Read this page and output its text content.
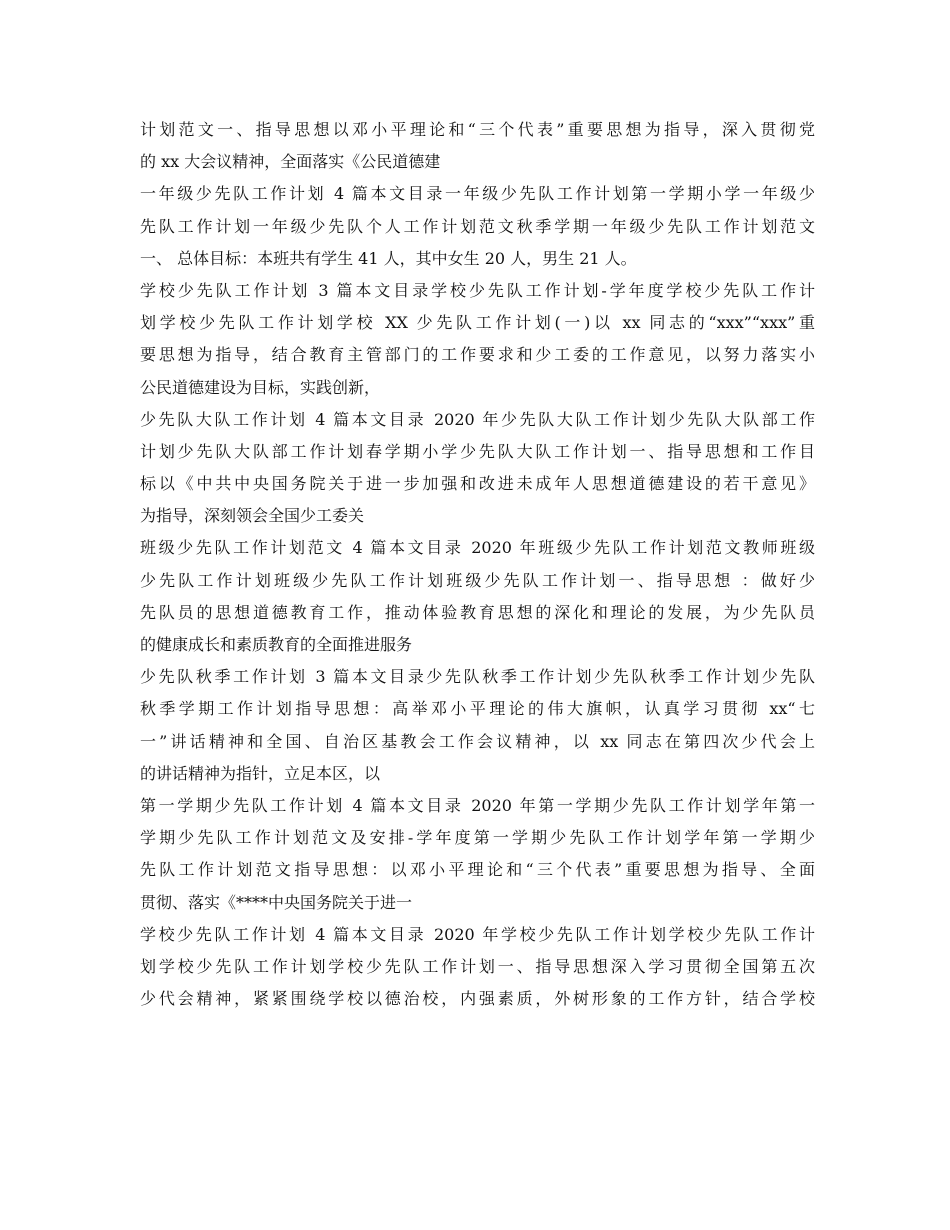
计划范文一、指导思想以邓小平理论和“三个代表”重要思想为指导，深入贯彻党
的 xx 大会议精神，全面落实《公民道德建
一年级少先队工作计划 4 篇本文目录一年级少先队工作计划第一学期小学一年级少
先队工作计划一年级少先队个人工作计划范文秋季学期一年级少先队工作计划范文
一、 总体目标：本班共有学生 41 人，其中女生 20 人，男生 21 人。
学校少先队工作计划 3 篇本文目录学校少先队工作计划-学年度学校少先队工作计
划学校少先队工作计划学校 XX 少先队工作计划(一)以 xx 同志的“xxx”“xxx”重
要思想为指导，结合教育主管部门的工作要求和少工委的工作意见，以努力落实小
公民道德建设为目标，实践创新，
少先队大队工作计划 4 篇本文目录 2020 年少先队大队工作计划少先队大队部工作
计划少先队大队部工作计划春学期小学少先队大队工作计划一、指导思想和工作目
标以《中共中央国务院关于进一步加强和改进未成年人思想道德建设的若干意见》
为指导，深刻领会全国少工委关
班级少先队工作计划范文 4 篇本文目录 2020 年班级少先队工作计划范文教师班级
少先队工作计划班级少先队工作计划班级少先队工作计划一、指导思想 ：做好少
先队员的思想道德教育工作，推动体验教育思想的深化和理论的发展，为少先队员
的健康成长和素质教育的全面推进服务
少先队秋季工作计划 3 篇本文目录少先队秋季工作计划少先队秋季工作计划少先队
秋季学期工作计划指导思想：高举邓小平理论的伟大旗帜，认真学习贯彻 xx“七
一”讲话精神和全国、自治区基教会工作会议精神，以 xx 同志在第四次少代会上
的讲话精神为指针，立足本区，以
第一学期少先队工作计划 4 篇本文目录 2020 年第一学期少先队工作计划学年第一
学期少先队工作计划范文及安排-学年度第一学期少先队工作计划学年第一学期少
先队工作计划范文指导思想：以邓小平理论和“三个代表”重要思想为指导、全面
贯彻、落实《****中央国务院关于进一
学校少先队工作计划 4 篇本文目录 2020 年学校少先队工作计划学校少先队工作计
划学校少先队工作计划学校少先队工作计划一、指导思想深入学习贯彻全国第五次
少代会精神，紧紧围绕学校以德治校，内强素质，外树形象的工作方针，结合学校
